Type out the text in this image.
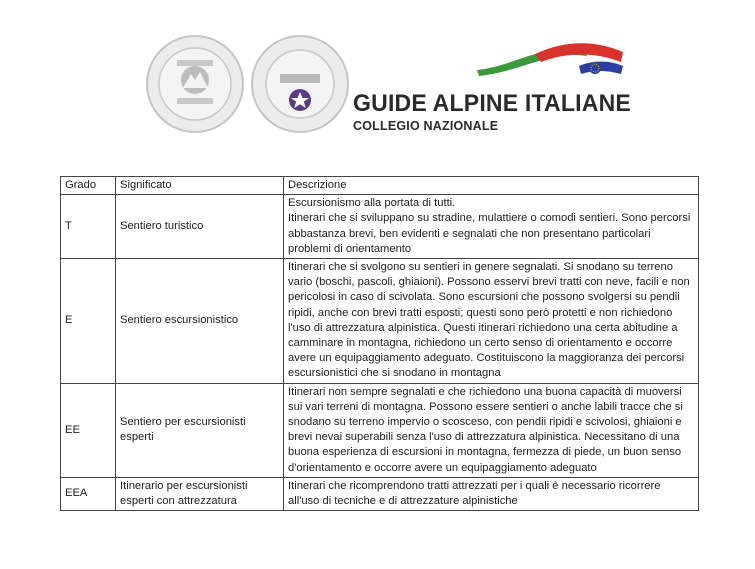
GUIDE ALPINE ITALIANE
COLLEGIO NAZIONALE
Grado	Significato	Descrizione
T	Sentiero turistico	Escursionismo alla portata di tutti.

Itinerari che si sviluppano su stradine, mulattiere o comodi sentieri. Sono percorsi abbastanza brevi, ben evidenti e segnalati che non presentano particolari problemi di orientamento

E	Sentiero escursionistico	Itinerari che si svolgono su sentieri in genere segnalati. Si snodano su terreno vario (boschi, pascoli, ghiaioni). Possono esservi brevi tratti con neve, facili e non pericolosi in caso di scivolata. Sono escursioni che possono svolgersi su pendii ripidi, anche con brevi tratti esposti; questi sono però protetti e non richiedono l'uso di attrezzatura alpinistica. Questi itinerari richiedono una certa abitudine a camminare in montagna, richiedono un certo senso di orientamento e occorre avere un equipaggiamento adeguato. Costituiscono la maggioranza dei percorsi escursionistici che si snodano in montagna

EE	Sentiero per escursionisti esperti	Itinerari non sempre segnalati e che richiedono una buona capacità di muoversi sui vari terreni di montagna. Possono essere sentieri o anche labili tracce che si snodano su terreno impervio o scosceso, con pendii ripidi e scivolosi, ghiaioni e brevi nevai superabili senza l'uso di attrezzatura alpinistica. Necessitano di una buona esperienza di escursioni in montagna, fermezza di piede, un buon senso d'orientamento e occorre avere un equipaggiamento adeguato

EEA	Itinerario per escursionisti esperti con attrezzatura	Itinerari che ricomprendono tratti attrezzati per i quali è necessario ricorrere all'uso di tecniche e di attrezzature alpinistiche
